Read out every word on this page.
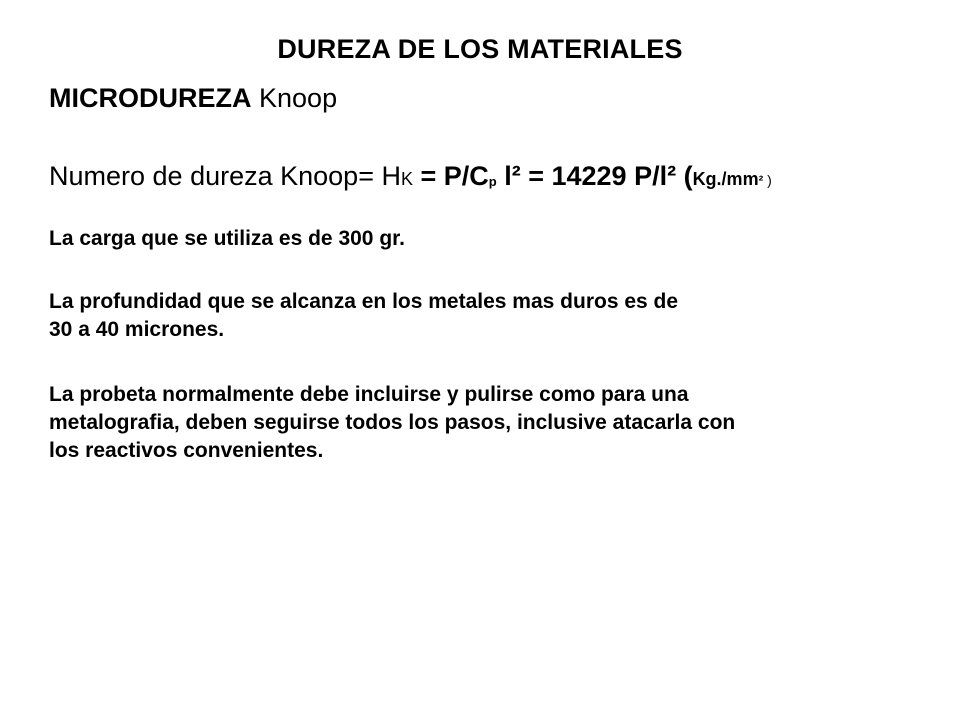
DUREZA DE LOS MATERIALES
MICRODUREZA Knoop
Numero de dureza Knoop= HK = P/Cp l² = 14229 P/l² (Kg./mm² )
La carga que se utiliza es de 300 gr.
La profundidad que se alcanza en los metales mas duros es de
30 a 40 micrones.
La probeta normalmente debe incluirse y pulirse como para una
metalografia, deben seguirse todos los pasos, inclusive atacarla con
los reactivos convenientes.
